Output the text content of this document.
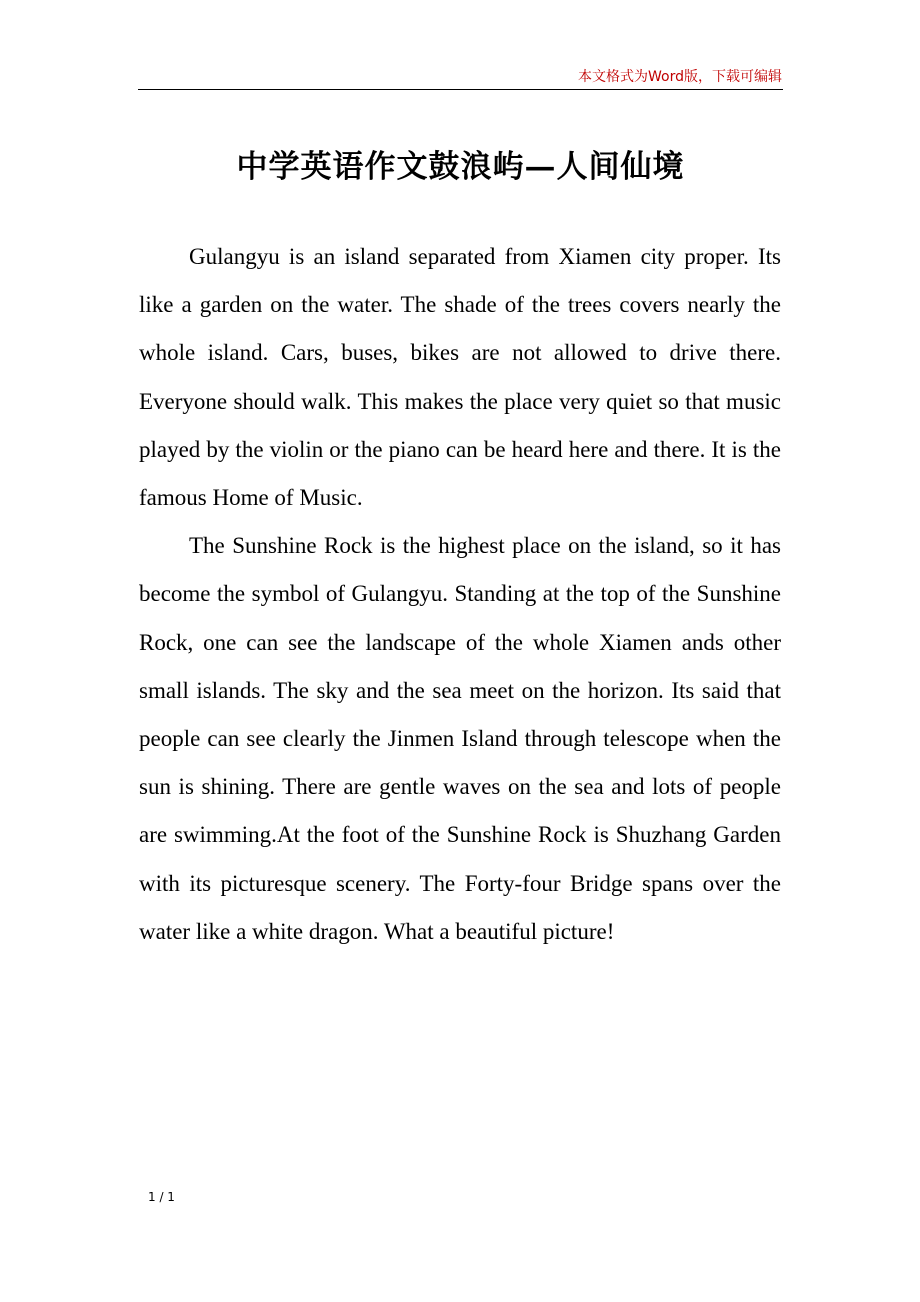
本文格式为Word版，下载可编辑
中学英语作文鼓浪屿—人间仙境

Gulangyu is an island separated from Xiamen city proper. Its like a garden on the water. The shade of the trees covers nearly the whole island. Cars, buses, bikes are not allowed to drive there. Everyone should walk. This makes the place very quiet so that music played by the violin or the piano can be heard here and there. It is the famous Home of Music.

The Sunshine Rock is the highest place on the island, so it has become the symbol of Gulangyu. Standing at the top of the Sunshine Rock, one can see the landscape of the whole Xiamen ands other small islands. The sky and the sea meet on the horizon. Its said that people can see clearly the Jinmen Island through telescope when the sun is shining. There are gentle waves on the sea and lots of people are swimming.At the foot of the Sunshine Rock is Shuzhang Garden with its picturesque scenery. The Forty-four Bridge spans over the water like a white dragon. What a beautiful picture!

1 / 1
